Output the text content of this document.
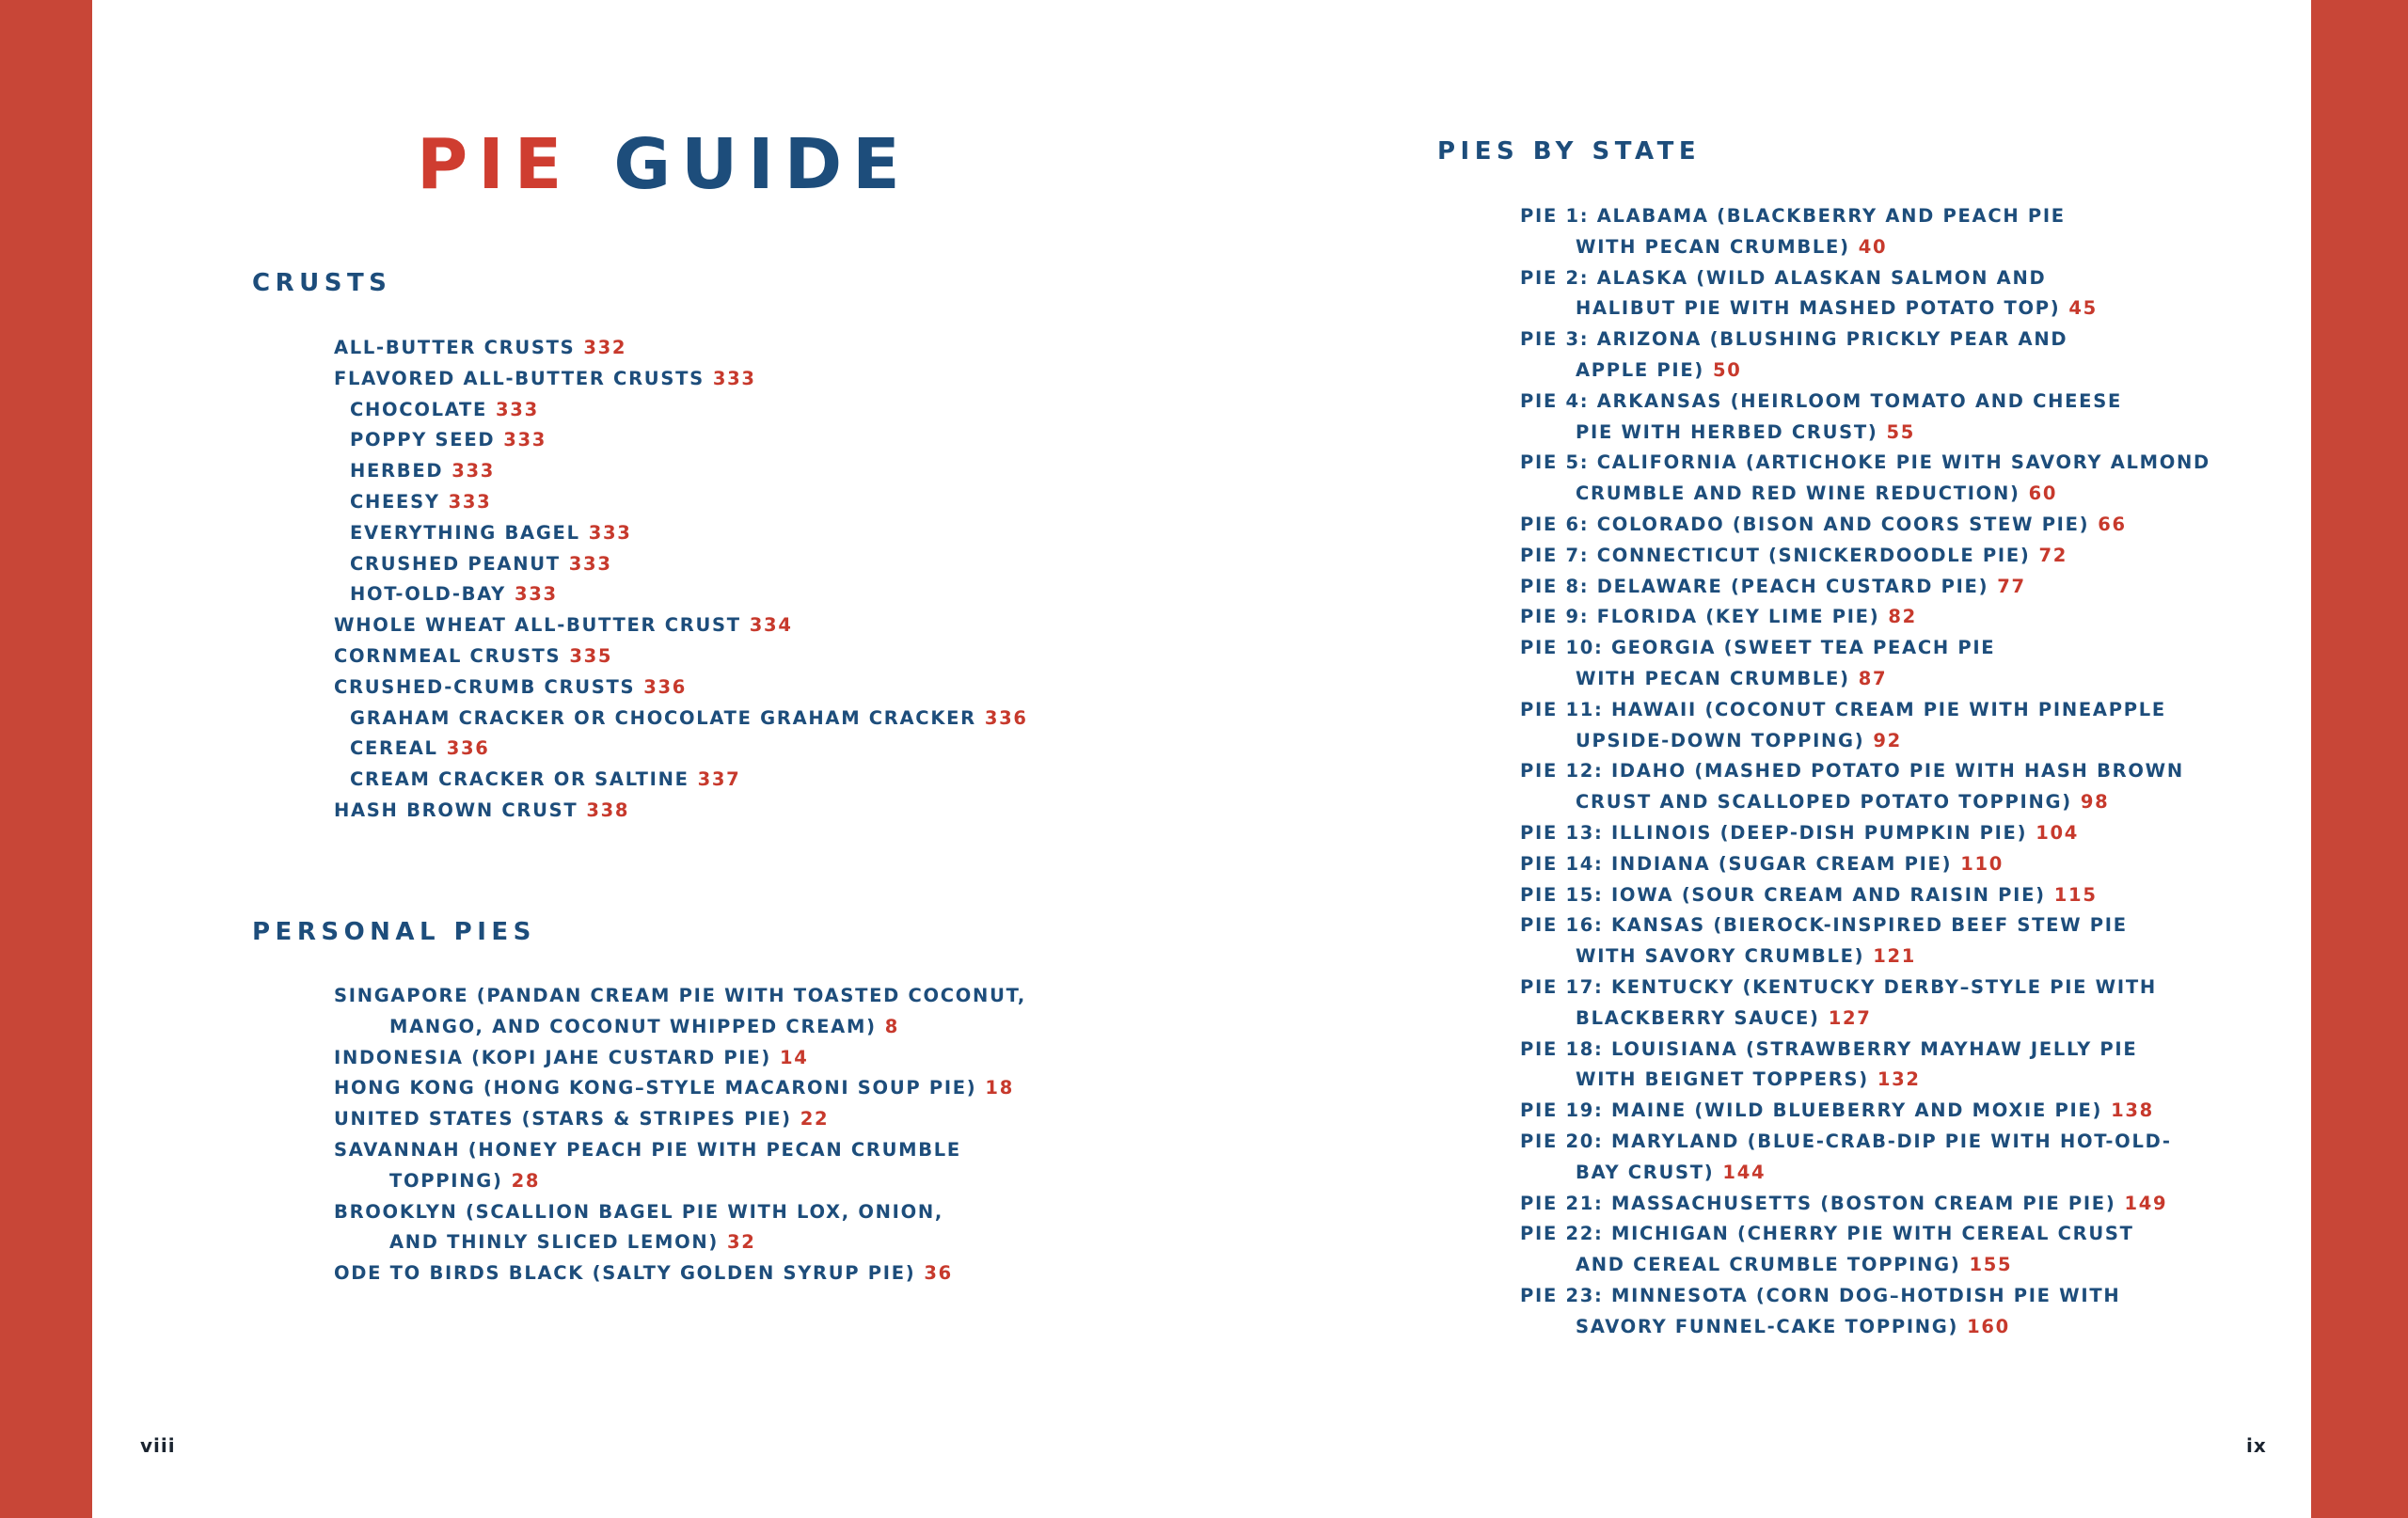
PIE GUIDE
CRUSTS
ALL-BUTTER CRUSTS 332
FLAVORED ALL-BUTTER CRUSTS 333
CHOCOLATE 333
POPPY SEED 333
HERBED 333
CHEESY 333
EVERYTHING BAGEL 333
CRUSHED PEANUT 333
HOT-OLD-BAY 333
WHOLE WHEAT ALL-BUTTER CRUST 334
CORNMEAL CRUSTS 335
CRUSHED-CRUMB CRUSTS 336
GRAHAM CRACKER OR CHOCOLATE GRAHAM CRACKER 336
CEREAL 336
CREAM CRACKER OR SALTINE 337
HASH BROWN CRUST 338
PERSONAL PIES
SINGAPORE (PANDAN CREAM PIE WITH TOASTED COCONUT,
MANGO, AND COCONUT WHIPPED CREAM) 8
INDONESIA (KOPI JAHE CUSTARD PIE) 14
HONG KONG (HONG KONG–STYLE MACARONI SOUP PIE) 18
UNITED STATES (STARS & STRIPES PIE) 22
SAVANNAH (HONEY PEACH PIE WITH PECAN CRUMBLE
TOPPING) 28
BROOKLYN (SCALLION BAGEL PIE WITH LOX, ONION,
AND THINLY SLICED LEMON) 32
ODE TO BIRDS BLACK (SALTY GOLDEN SYRUP PIE) 36
PIES BY STATE
PIE 1: ALABAMA (BLACKBERRY AND PEACH PIE
WITH PECAN CRUMBLE) 40
PIE 2: ALASKA (WILD ALASKAN SALMON AND
HALIBUT PIE WITH MASHED POTATO TOP) 45
PIE 3: ARIZONA (BLUSHING PRICKLY PEAR AND
APPLE PIE) 50
PIE 4: ARKANSAS (HEIRLOOM TOMATO AND CHEESE
PIE WITH HERBED CRUST) 55
PIE 5: CALIFORNIA (ARTICHOKE PIE WITH SAVORY ALMOND
CRUMBLE AND RED WINE REDUCTION) 60
PIE 6: COLORADO (BISON AND COORS STEW PIE) 66
PIE 7: CONNECTICUT (SNICKERDOODLE PIE) 72
PIE 8: DELAWARE (PEACH CUSTARD PIE) 77
PIE 9: FLORIDA (KEY LIME PIE) 82
PIE 10: GEORGIA (SWEET TEA PEACH PIE
WITH PECAN CRUMBLE) 87
PIE 11: HAWAII (COCONUT CREAM PIE WITH PINEAPPLE
UPSIDE-DOWN TOPPING) 92
PIE 12: IDAHO (MASHED POTATO PIE WITH HASH BROWN
CRUST AND SCALLOPED POTATO TOPPING) 98
PIE 13: ILLINOIS (DEEP-DISH PUMPKIN PIE) 104
PIE 14: INDIANA (SUGAR CREAM PIE) 110
PIE 15: IOWA (SOUR CREAM AND RAISIN PIE) 115
PIE 16: KANSAS (BIEROCK-INSPIRED BEEF STEW PIE
WITH SAVORY CRUMBLE) 121
PIE 17: KENTUCKY (KENTUCKY DERBY–STYLE PIE WITH
BLACKBERRY SAUCE) 127
PIE 18: LOUISIANA (STRAWBERRY MAYHAW JELLY PIE
WITH BEIGNET TOPPERS) 132
PIE 19: MAINE (WILD BLUEBERRY AND MOXIE PIE) 138
PIE 20: MARYLAND (BLUE-CRAB-DIP PIE WITH HOT-OLD-
BAY CRUST) 144
PIE 21: MASSACHUSETTS (BOSTON CREAM PIE PIE) 149
PIE 22: MICHIGAN (CHERRY PIE WITH CEREAL CRUST
AND CEREAL CRUMBLE TOPPING) 155
PIE 23: MINNESOTA (CORN DOG–HOTDISH PIE WITH
SAVORY FUNNEL-CAKE TOPPING) 160
viii	ix
